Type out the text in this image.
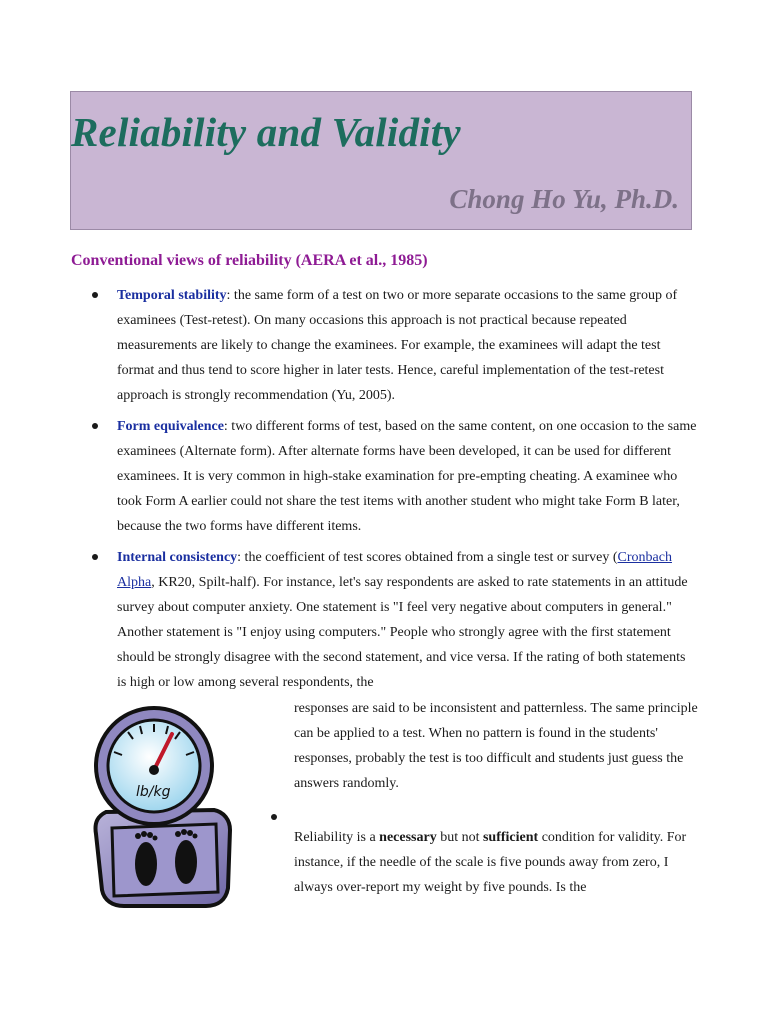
Reliability and Validity
Chong Ho Yu, Ph.D.
Conventional views of reliability (AERA et al., 1985)

Temporal stability: the same form of a test on two or more separate occasions to the same group of examinees (Test-retest). On many occasions this approach is not practical because repeated measurements are likely to change the examinees. For example, the examinees will adapt the test format and thus tend to score higher in later tests. Hence, careful implementation of the test-retest approach is strongly recommendation (Yu, 2005).

Form equivalence: two different forms of test, based on the same content, on one occasion to the same examinees (Alternate form). After alternate forms have been developed, it can be used for different examinees. It is very common in high-stake examination for pre-empting cheating. A examinee who took Form A earlier could not share the test items with another student who might take Form B later, because the two forms have different items.

Internal consistency: the coefficient of test scores obtained from a single test or survey (Cronbach Alpha, KR20, Spilt-half). For instance, let's say respondents are asked to rate statements in an attitude survey about computer anxiety. One statement is "I feel very negative about computers in general." Another statement is "I enjoy using computers." People who strongly agree with the first statement should be strongly disagree with the second statement, and vice versa. If the rating of both statements is high or low among several respondents, the

lb/kg

responses are said to be inconsistent and patternless. The same principle can be applied to a test. When no pattern is found in the students' responses, probably the test is too difficult and students just guess the answers randomly.

Reliability is a necessary but not sufficient condition for validity. For instance, if the needle of the scale is five pounds away from zero, I always over-report my weight by five pounds. Is the
